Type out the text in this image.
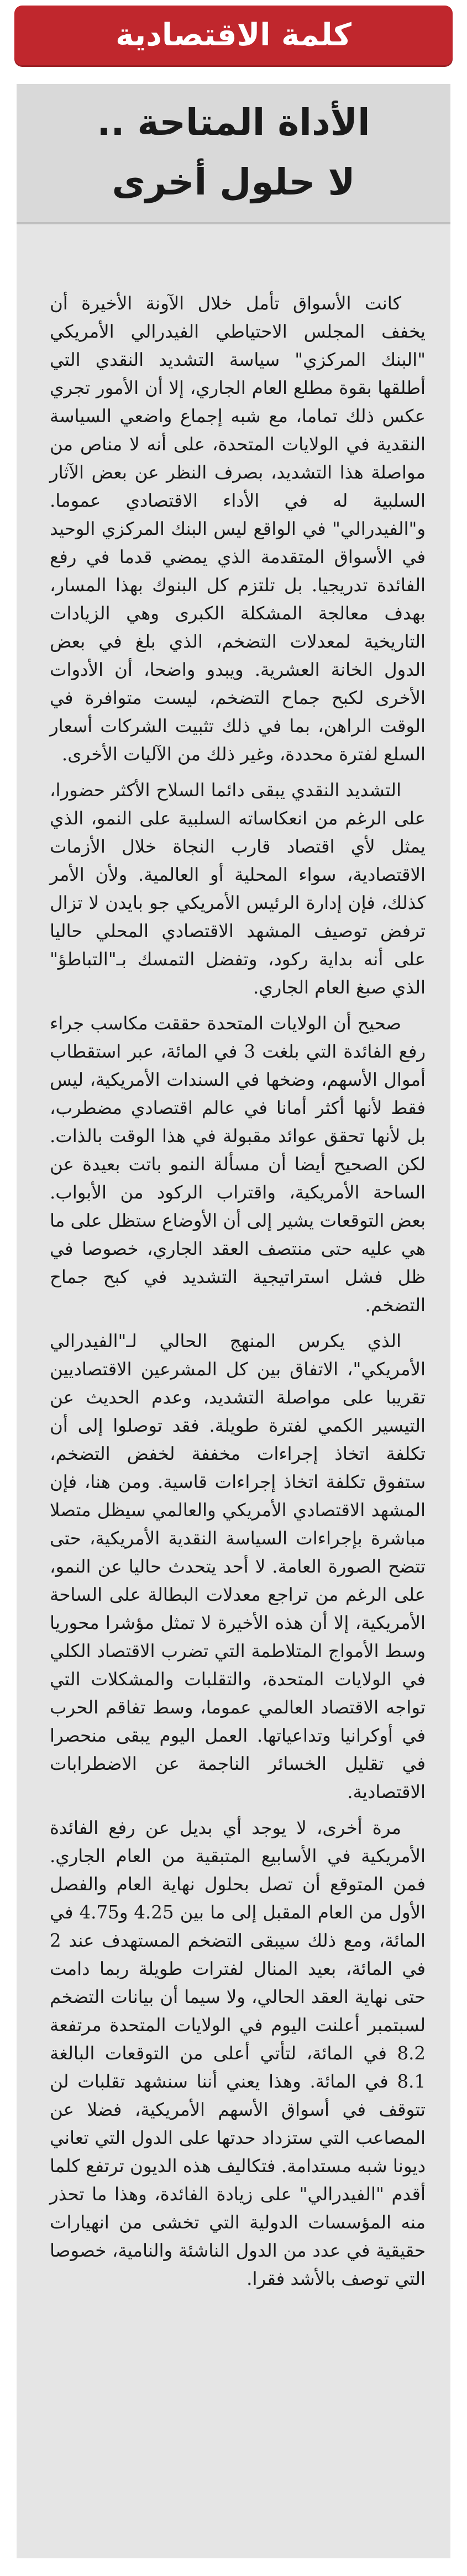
كلمة الاقتصادية
الأداة المتاحة ..
لا حلول أخرى

كانت الأسواق تأمل خلال الآونة الأخيرة أن يخفف المجلس الاحتياطي الفيدرالي الأمريكي "البنك المركزي" سياسة التشديد النقدي التي أطلقها بقوة مطلع العام الجاري، إلا أن الأمور تجري عكس ذلك تماما، مع شبه إجماع واضعي السياسة النقدية في الولايات المتحدة، على أنه لا مناص من مواصلة هذا التشديد، بصرف النظر عن بعض الآثار السلبية له في الأداء الاقتصادي عموما. و"الفيدرالي" في الواقع ليس البنك المركزي الوحيد في الأسواق المتقدمة الذي يمضي قدما في رفع الفائدة تدريجيا. بل تلتزم كل البنوك بهذا المسار، بهدف معالجة المشكلة الكبرى وهي الزيادات التاريخية لمعدلات التضخم، الذي بلغ في بعض الدول الخانة العشرية. ويبدو واضحا، أن الأدوات الأخرى لكبح جماح التضخم، ليست متوافرة في الوقت الراهن، بما في ذلك تثبيت الشركات أسعار السلع لفترة محددة، وغير ذلك من الآليات الأخرى.

التشديد النقدي يبقى دائما السلاح الأكثر حضورا، على الرغم من انعكاساته السلبية على النمو، الذي يمثل لأي اقتصاد قارب النجاة خلال الأزمات الاقتصادية، سواء المحلية أو العالمية. ولأن الأمر كذلك، فإن إدارة الرئيس الأمريكي جو بايدن لا تزال ترفض توصيف المشهد الاقتصادي المحلي حاليا على أنه بداية ركود، وتفضل التمسك بـ"التباطؤ" الذي صبغ العام الجاري.

صحيح أن الولايات المتحدة حققت مكاسب جراء رفع الفائدة التي بلغت 3 في المائة، عبر استقطاب أموال الأسهم، وضخها في السندات الأمريكية، ليس فقط لأنها أكثر أمانا في عالم اقتصادي مضطرب، بل لأنها تحقق عوائد مقبولة في هذا الوقت بالذات. لكن الصحيح أيضا أن مسألة النمو باتت بعيدة عن الساحة الأمريكية، واقتراب الركود من الأبواب. بعض التوقعات يشير إلى أن الأوضاع ستظل على ما هي عليه حتى منتصف العقد الجاري، خصوصا في ظل فشل استراتيجية التشديد في كبح جماح التضخم.

الذي يكرس المنهج الحالي لـ"الفيدرالي الأمريكي"، الاتفاق بين كل المشرعين الاقتصاديين تقريبا على مواصلة التشديد، وعدم الحديث عن التيسير الكمي لفترة طويلة. فقد توصلوا إلى أن تكلفة اتخاذ إجراءات مخففة لخفض التضخم، ستفوق تكلفة اتخاذ إجراءات قاسية. ومن هنا، فإن المشهد الاقتصادي الأمريكي والعالمي سيظل متصلا مباشرة بإجراءات السياسة النقدية الأمريكية، حتى تتضح الصورة العامة. لا أحد يتحدث حاليا عن النمو، على الرغم من تراجع معدلات البطالة على الساحة الأمريكية، إلا أن هذه الأخيرة لا تمثل مؤشرا محوريا وسط الأمواج المتلاطمة التي تضرب الاقتصاد الكلي في الولايات المتحدة، والتقلبات والمشكلات التي تواجه الاقتصاد العالمي عموما، وسط تفاقم الحرب في أوكرانيا وتداعياتها. العمل اليوم يبقى منحصرا في تقليل الخسائر الناجمة عن الاضطرابات الاقتصادية.

مرة أخرى، لا يوجد أي بديل عن رفع الفائدة الأمريكية في الأسابيع المتبقية من العام الجاري. فمن المتوقع أن تصل بحلول نهاية العام والفصل الأول من العام المقبل إلى ما بين 4.25 و4.75 في المائة، ومع ذلك سيبقى التضخم المستهدف عند 2 في المائة، بعيد المنال لفترات طويلة ربما دامت حتى نهاية العقد الحالي، ولا سيما أن بيانات التضخم لسبتمبر أعلنت اليوم في الولايات المتحدة مرتفعة 8.2 في المائة، لتأتي أعلى من التوقعات البالغة 8.1 في المائة. وهذا يعني أننا سنشهد تقلبات لن تتوقف في أسواق الأسهم الأمريكية، فضلا عن المصاعب التي ستزداد حدتها على الدول التي تعاني ديونا شبه مستدامة. فتكاليف هذه الديون ترتفع كلما أقدم "الفيدرالي" على زيادة الفائدة، وهذا ما تحذر منه المؤسسات الدولية التي تخشى من انهيارات حقيقية في عدد من الدول الناشئة والنامية، خصوصا التي توصف بالأشد فقرا.
